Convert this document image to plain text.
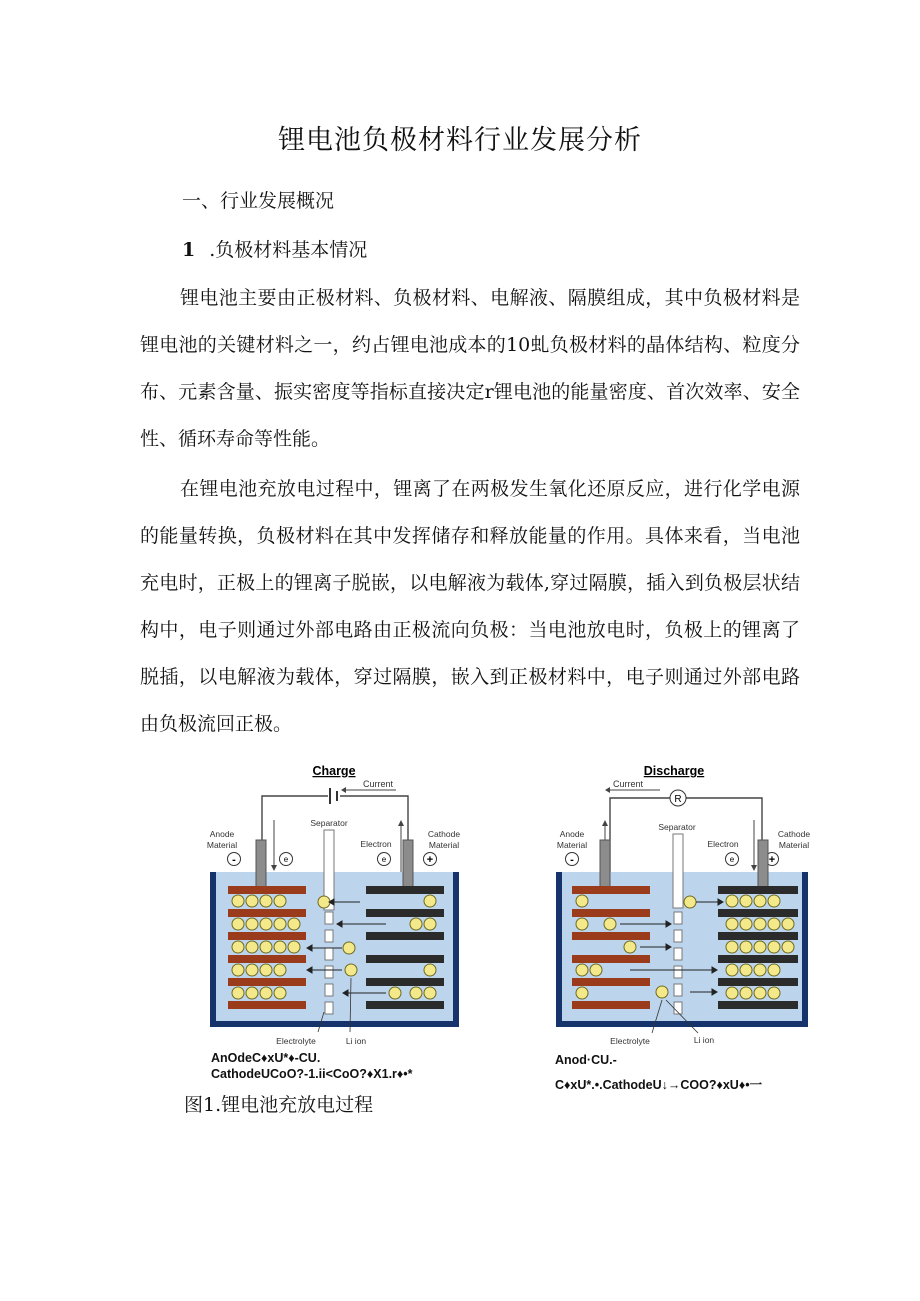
锂电池负极材料行业发展分析
一、行业发展概况
1 .负极材料基本情况

锂电池主要由正极材料、负极材料、电解液、隔膜组成，其中负极材料是锂电池的关键材料之一，约占锂电池成本的10虬负极材料的晶体结构、粒度分布、元素含量、振实密度等指标直接决定r锂电池的能量密度、首次效率、安全性、循环寿命等性能。

在锂电池充放电过程中，锂离了在两极发生氧化还原反应，进行化学电源的能量转换，负极材料在其中发挥储存和释放能量的作用。具体来看，当电池充电时，正极上的锂离子脱嵌，以电解液为载体,穿过隔膜，插入到负极层状结构中，电子则通过外部电路由正极流向负极：当电池放电时，负极上的锂离了脱插，以电解液为载体，穿过隔膜，嵌入到正极材料中，电子则通过外部电路由负极流回正极。

Charge
Current
Separator
Anode
Material	Electron
Cathode
Material
-	e	e	+
Electrolyte	Li ion
Discharge
R
Current
Separator
Anode
Material	Electron
Cathode
Material
-	e	+
Electrolyte	Li ion
AnOdeC♦xU*♦-CU.
CathodeUCoO?-1.ii<CoO?♦X1.r♦•*
Anod·CU.-
C♦xU*.•.CathodeU↓→COO?♦xU♦•一
图1.锂电池充放电过程
